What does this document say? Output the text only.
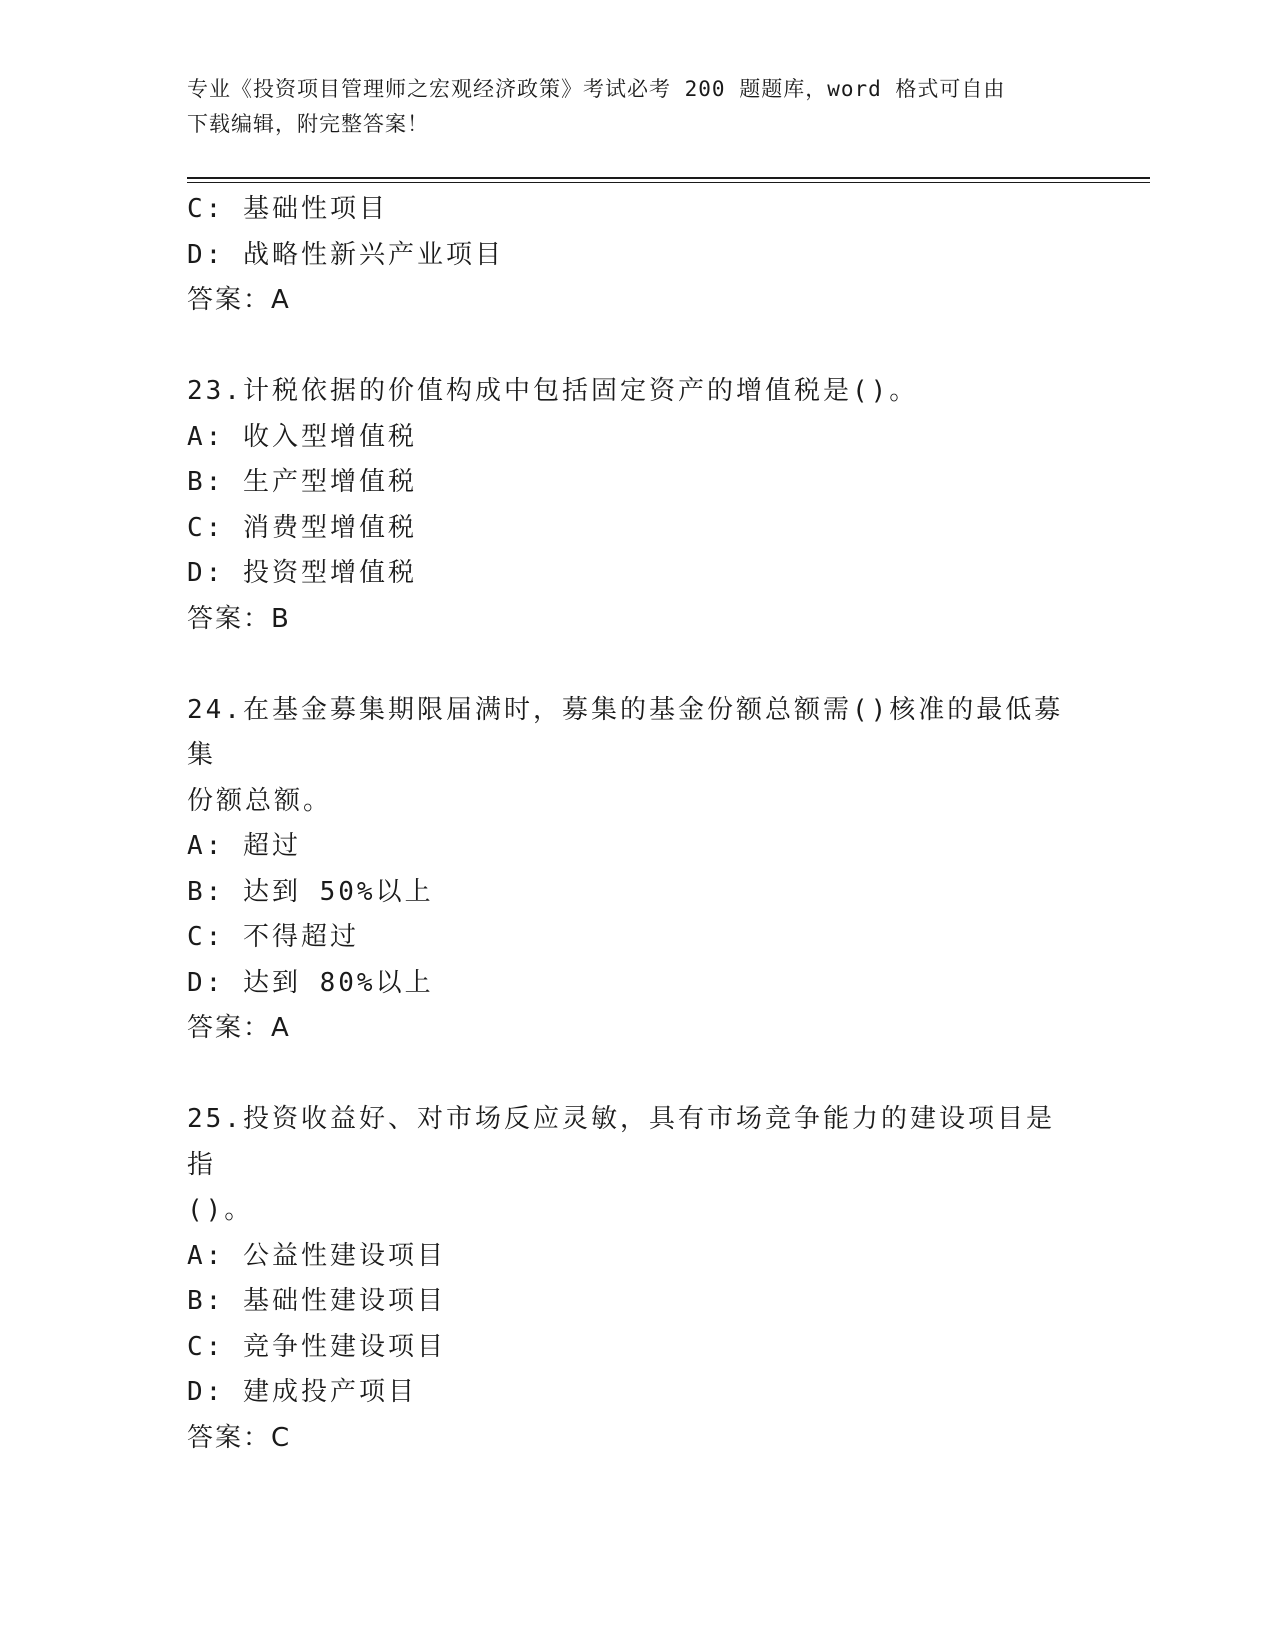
专业《投资项目管理师之宏观经济政策》考试必考 200 题题库，word 格式可自由
下载编辑，附完整答案！
C: 基础性项目
D: 战略性新兴产业项目
答案：A
23.计税依据的价值构成中包括固定资产的增值税是()。
A: 收入型增值税
B: 生产型增值税
C: 消费型增值税
D: 投资型增值税
答案：B
24.在基金募集期限届满时，募集的基金份额总额需()核准的最低募集
份额总额。
A: 超过
B: 达到 50%以上
C: 不得超过
D: 达到 80%以上
答案：A
25.投资收益好、对市场反应灵敏，具有市场竞争能力的建设项目是指
()。
A: 公益性建设项目
B: 基础性建设项目
C: 竞争性建设项目
D: 建成投产项目
答案：C
